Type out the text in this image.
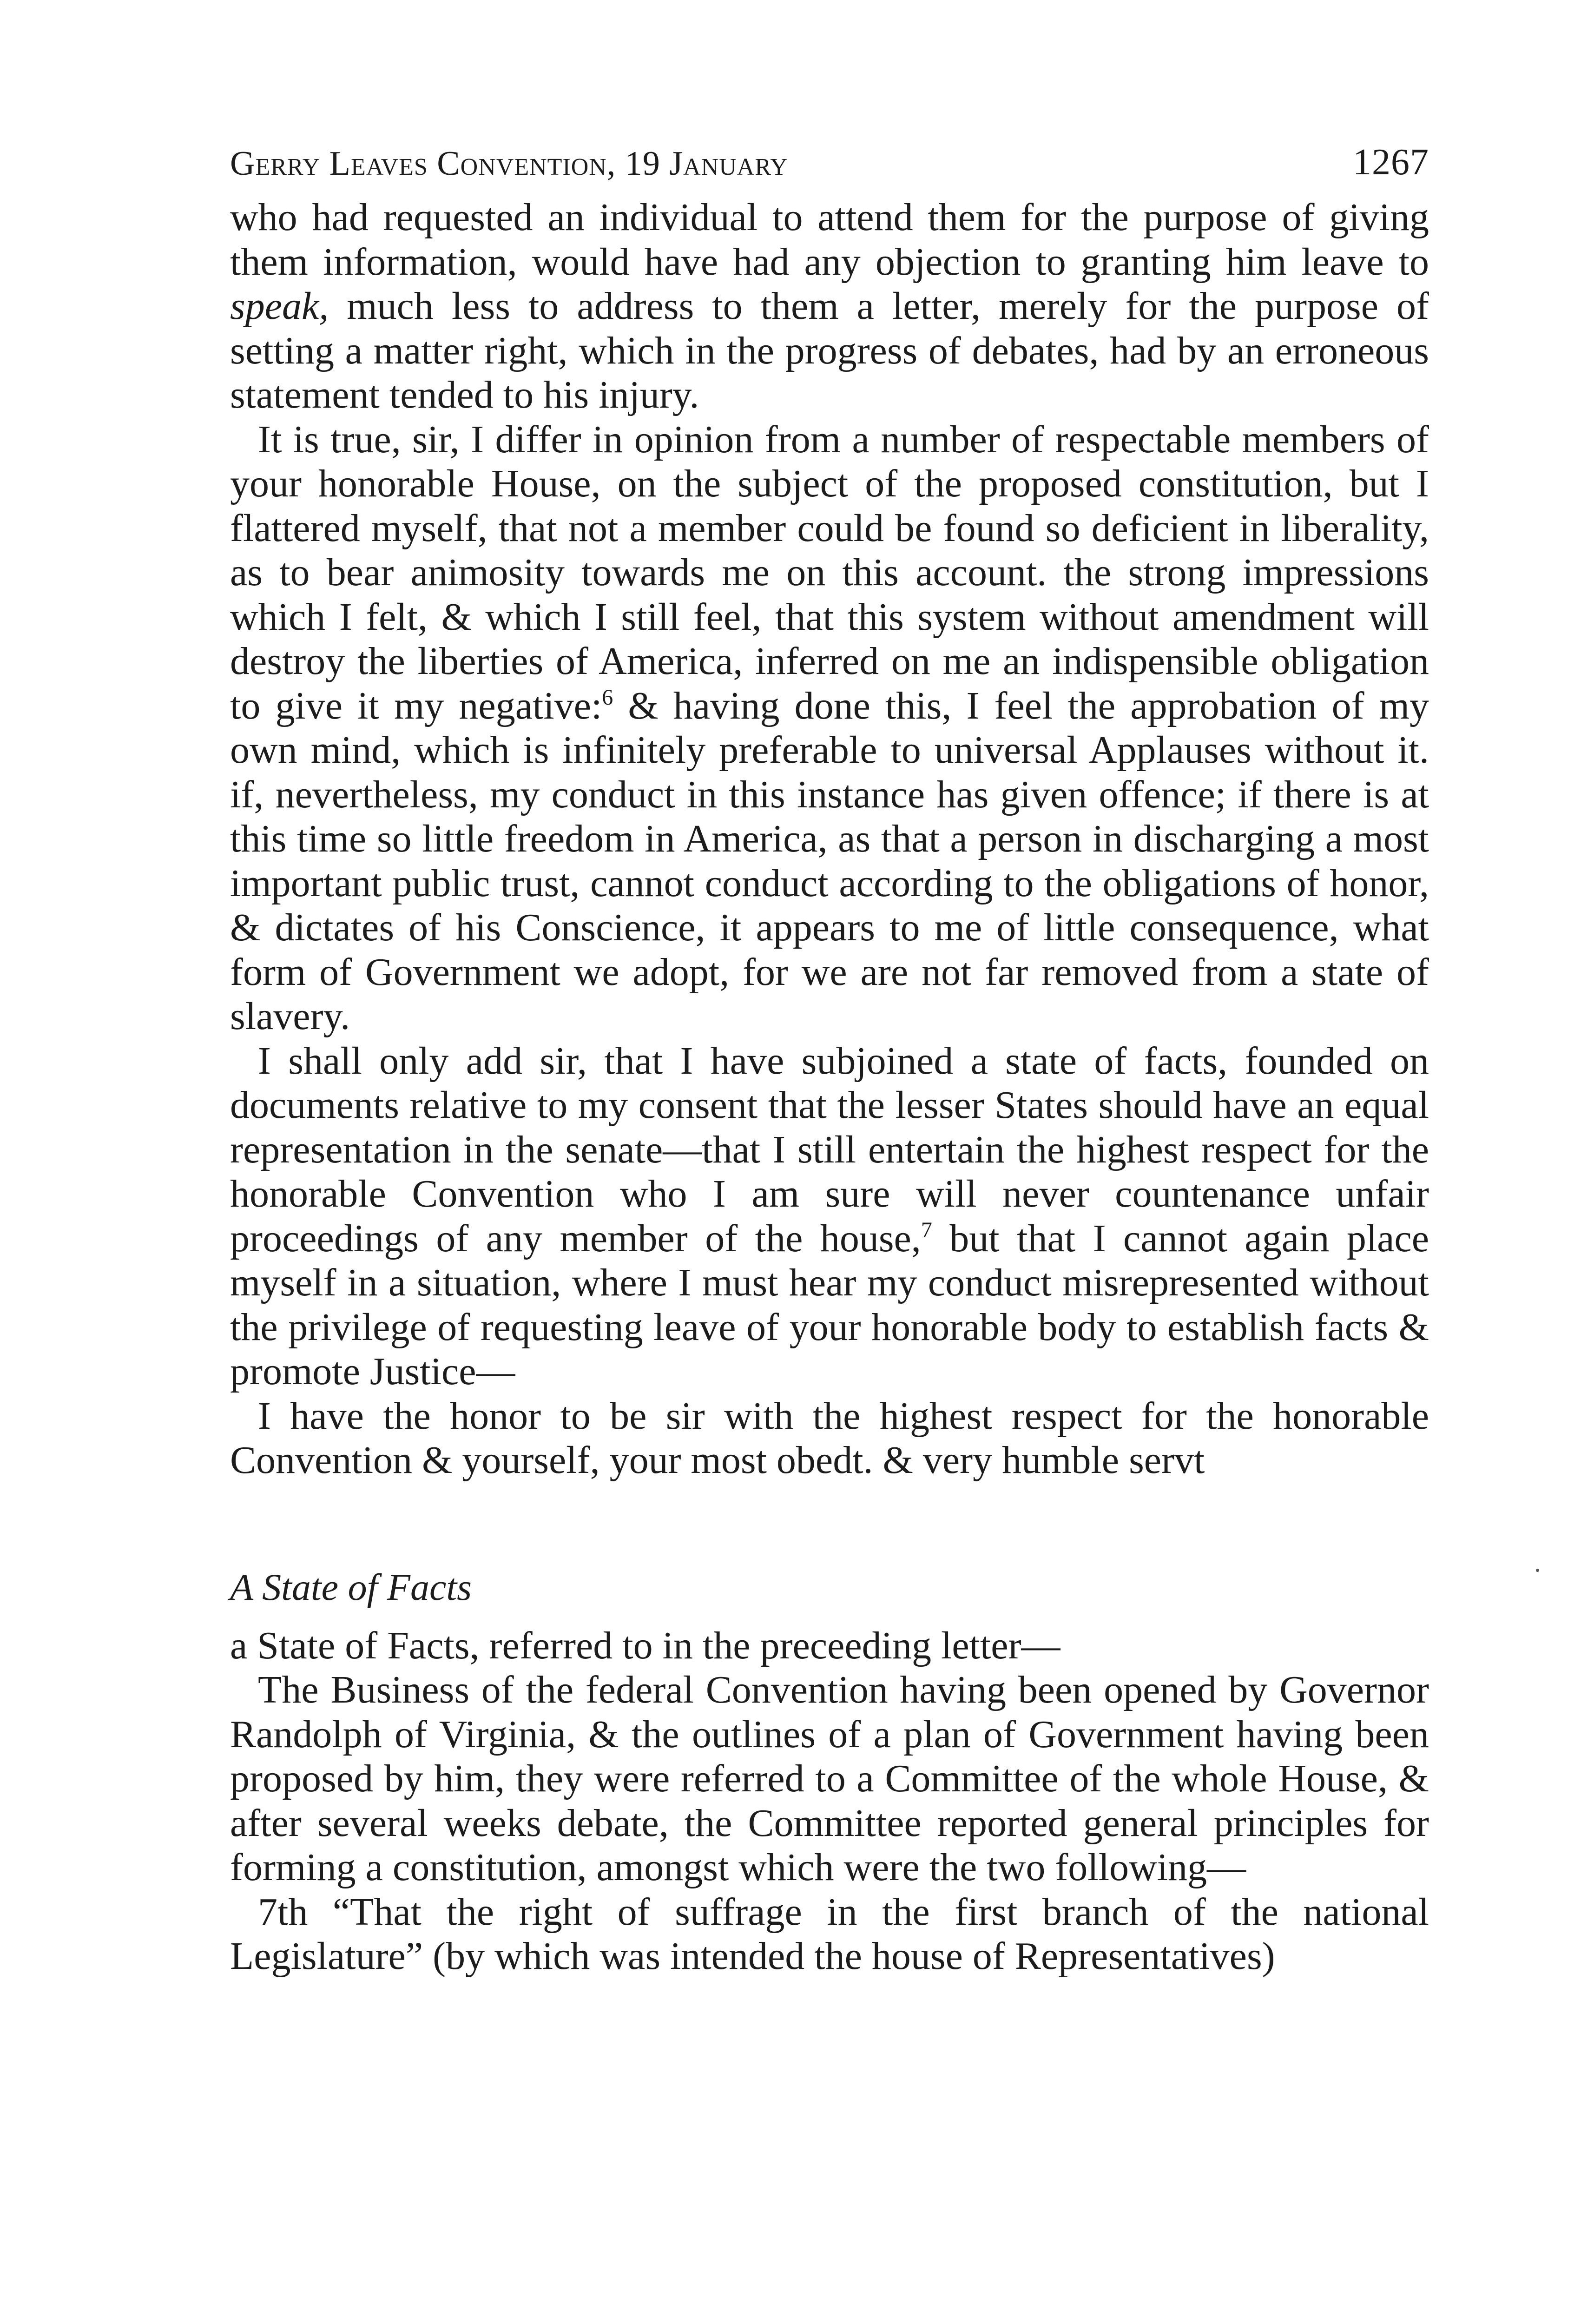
Gerry Leaves Convention, 19 January	1267

who had requested an individual to attend them for the purpose of giving them information, would have had any objection to granting him leave to speak, much less to address to them a letter, merely for the purpose of setting a matter right, which in the progress of debates, had by an erroneous statement tended to his injury.

It is true, sir, I differ in opinion from a number of respectable members of your honorable House, on the subject of the proposed constitution, but I flattered myself, that not a member could be found so deficient in liberality, as to bear animosity towards me on this account. the strong impressions which I felt, & which I still feel, that this system without amendment will destroy the liberties of America, inferred on me an indispensible obligation to give it my negative:$^6$ & having done this, I feel the approbation of my own mind, which is infinitely preferable to universal Applauses without it. if, nevertheless, my conduct in this instance has given offence; if there is at this time so little freedom in America, as that a person in discharging a most important public trust, cannot conduct according to the obligations of honor, & dictates of his Conscience, it appears to me of little consequence, what form of Government we adopt, for we are not far removed from a state of slavery.

I shall only add sir, that I have subjoined a state of facts, founded on documents relative to my consent that the lesser States should have an equal representation in the senate—that I still entertain the highest respect for the honorable Convention who I am sure will never countenance unfair proceedings of any member of the house,$^7$ but that I cannot again place myself in a situation, where I must hear my conduct misrepresented without the privilege of requesting leave of your honorable body to establish facts & promote Justice—

I have the honor to be sir with the highest respect for the honorable Convention & yourself, your most obedt. & very humble servt

A State of Facts

a State of Facts, referred to in the preceeding letter—

The Business of the federal Convention having been opened by Governor Randolph of Virginia, & the outlines of a plan of Government having been proposed by him, they were referred to a Committee of the whole House, & after several weeks debate, the Committee reported general principles for forming a constitution, amongst which were the two following—

7th “That the right of suffrage in the first branch of the national Legislature” (by which was intended the house of Representatives)
